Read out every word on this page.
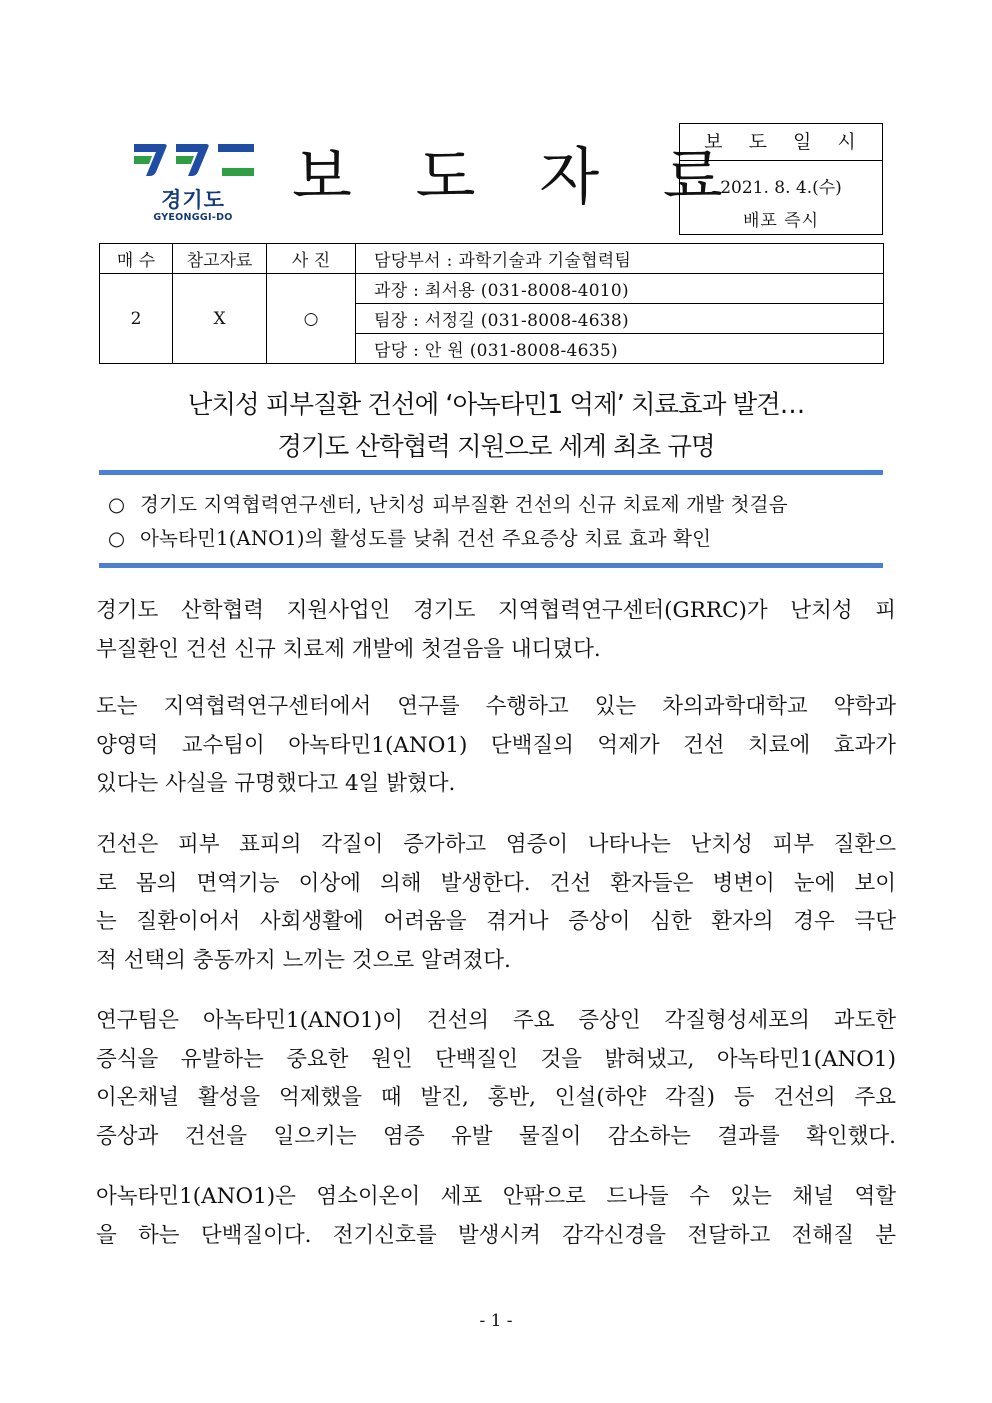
경기도
GYEONGGI-DO
보 도 자 료
보 도 일 시
2021. 8. 4.(수)
배포 즉시
매 수	참고자료	사 진	담당부서 : 과학기술과 기술협력팀
2	X	○	과장 : 최서용 (031-8008-4010)
			팀장 : 서정길 (031-8008-4638)
			담당 : 안 원 (031-8008-4635)
난치성 피부질환 건선에 ‘아녹타민1 억제’ 치료효과 발견…
경기도 산학협력 지원으로 세계 최초 규명
○ 경기도 지역협력연구센터, 난치성 피부질환 건선의 신규 치료제 개발 첫걸음
○ 아녹타민1(ANO1)의 활성도를 낮춰 건선 주요증상 치료 효과 확인
경기도 산학협력 지원사업인 경기도 지역협력연구센터(GRRC)가 난치성 피
부질환인 건선 신규 치료제 개발에 첫걸음을 내디뎠다.
도는 지역협력연구센터에서 연구를 수행하고 있는 차의과학대학교 약학과
양영덕 교수팀이 아녹타민1(ANO1) 단백질의 억제가 건선 치료에 효과가
있다는 사실을 규명했다고 4일 밝혔다.
건선은 피부 표피의 각질이 증가하고 염증이 나타나는 난치성 피부 질환으
로 몸의 면역기능 이상에 의해 발생한다. 건선 환자들은 병변이 눈에 보이
는 질환이어서 사회생활에 어려움을 겪거나 증상이 심한 환자의 경우 극단
적 선택의 충동까지 느끼는 것으로 알려졌다.
연구팀은 아녹타민1(ANO1)이 건선의 주요 증상인 각질형성세포의 과도한
증식을 유발하는 중요한 원인 단백질인 것을 밝혀냈고, 아녹타민1(ANO1)
이온채널 활성을 억제했을 때 발진, 홍반, 인설(하얀 각질) 등 건선의 주요
증상과 건선을 일으키는 염증 유발 물질이 감소하는 결과를 확인했다.
아녹타민1(ANO1)은 염소이온이 세포 안팎으로 드나들 수 있는 채널 역할
을 하는 단백질이다. 전기신호를 발생시켜 감각신경을 전달하고 전해질 분
- 1 -
